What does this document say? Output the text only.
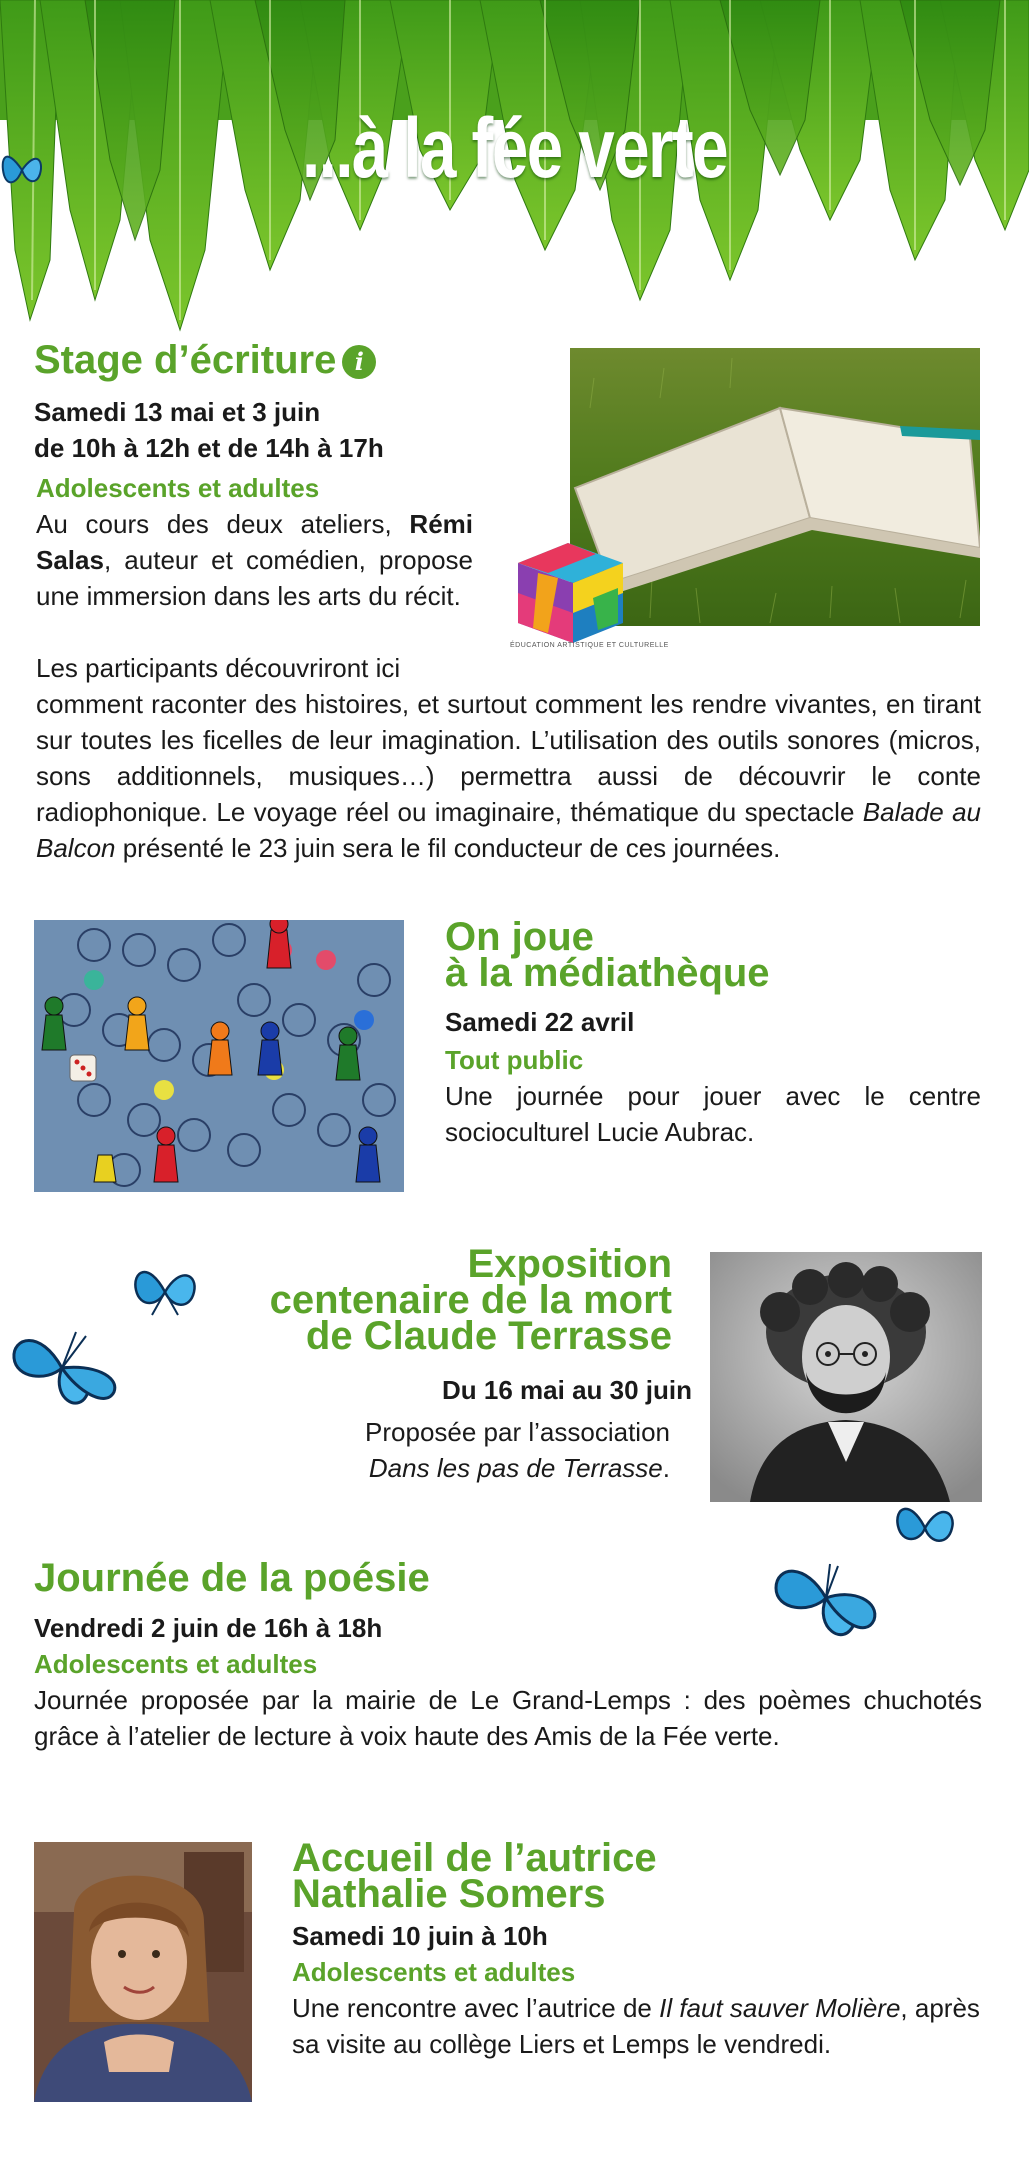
...à la fée verte
Stage d’écriture i
Samedi 13 mai et 3 juin
de 10h à 12h et de 14h à 17h
Adolescents et adultes
Au cours des deux ateliers, Rémi Salas, auteur et comédien, propose une immersion dans les arts du récit.
Les participants découvriront ici
comment raconter des histoires, et surtout comment les rendre vivantes, en tirant sur toutes les ficelles de leur imagination. L’utilisation des outils sonores (micros, sons additionnels, musiques…) permettra aussi de découvrir le conte radiophonique. Le voyage réel ou imaginaire, thématique du spectacle Balade au Balcon présenté le 23 juin sera le fil conducteur de ces journées.
ÉDUCATION ARTISTIQUE ET CULTURELLE
On joue
à la médiathèque
Samedi 22 avril
Tout public
Une journée pour jouer avec le centre socioculturel Lucie Aubrac.
Exposition
centenaire de la mort
de Claude Terrasse
Du 16 mai au 30 juin
Proposée par l’association
Dans les pas de Terrasse.
Journée de la poésie
Vendredi 2 juin de 16h à 18h
Adolescents et adultes
Journée proposée par la mairie de Le Grand-Lemps : des poèmes chuchotés grâce à l’atelier de lecture à voix haute des Amis de la Fée verte.
Accueil de l’autrice
Nathalie Somers
Samedi 10 juin à 10h
Adolescents et adultes
Une rencontre avec l’autrice de Il faut sauver Molière, après sa visite au collège Liers et Lemps le vendredi.
